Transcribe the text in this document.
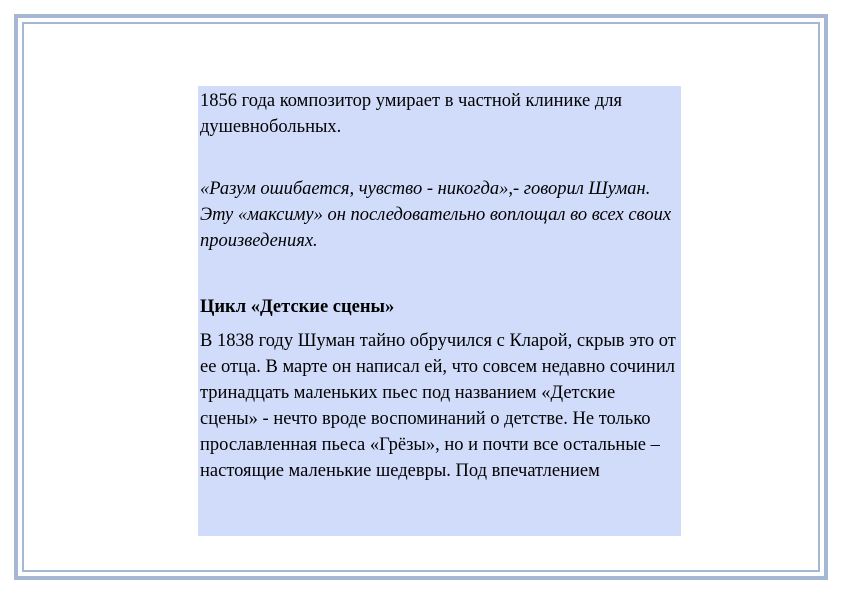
1856 года композитор умирает в частной клинике для душевнобольных.

«Разум ошибается, чувство - никогда»,- говорил Шуман.

Эту «максиму» он последовательно воплощал во всех своих произведениях.

Цикл «Детские сцены»

В 1838 году Шуман тайно обручился с Кларой, скрыв это от ее отца. В марте он написал ей, что совсем недавно сочинил тринадцать маленьких пьес под названием «Детские сцены» - нечто вроде воспоминаний о детстве. Не только прославленная пьеса «Грёзы», но и почти все остальные – настоящие маленькие шедевры. Под впечатлением
